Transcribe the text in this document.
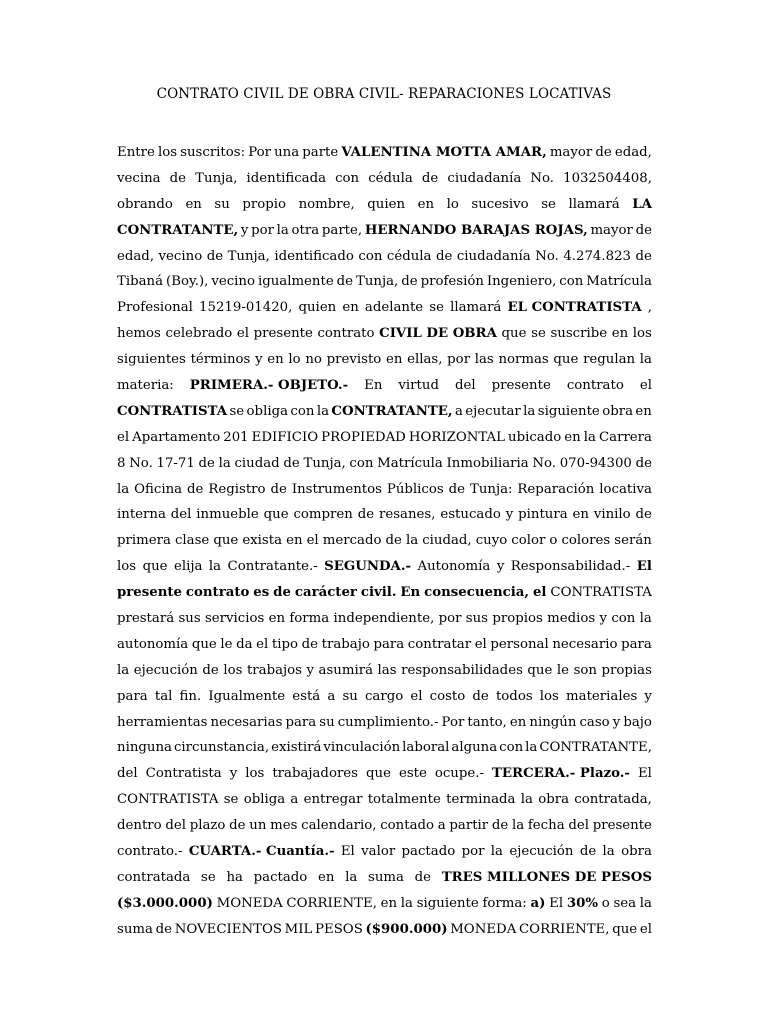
CONTRATO CIVIL DE OBRA CIVIL- REPARACIONES LOCATIVAS
Entre los suscritos: Por una parte VALENTINA MOTTA AMAR, mayor de edad,
vecina de Tunja, identificada con cédula de ciudadanía No. 1032504408,
obrando en su propio nombre, quien en lo sucesivo se llamará LA
CONTRATANTE, y por la otra parte, HERNANDO BARAJAS ROJAS, mayor de
edad, vecino de Tunja, identificado con cédula de ciudadanía No. 4.274.823 de
Tibaná (Boy.), vecino igualmente de Tunja, de profesión Ingeniero, con Matrícula
Profesional 15219-01420, quien en adelante se llamará EL CONTRATISTA ,
hemos celebrado el presente contrato CIVIL DE OBRA que se suscribe en los
siguientes términos y en lo no previsto en ellas, por las normas que regulan la
materia: PRIMERA.- OBJETO.- En virtud del presente contrato el
CONTRATISTA se obliga con la CONTRATANTE, a ejecutar la siguiente obra en
el Apartamento 201 EDIFICIO PROPIEDAD HORIZONTAL ubicado en la Carrera
8 No. 17-71 de la ciudad de Tunja, con Matrícula Inmobiliaria No. 070-94300 de
la Oficina de Registro de Instrumentos Públicos de Tunja: Reparación locativa
interna del inmueble que compren de resanes, estucado y pintura en vinilo de
primera clase que exista en el mercado de la ciudad, cuyo color o colores serán
los que elija la Contratante.- SEGUNDA.- Autonomía y Responsabilidad.- El
presente contrato es de carácter civil. En consecuencia, el CONTRATISTA
prestará sus servicios en forma independiente, por sus propios medios y con la
autonomía que le da el tipo de trabajo para contratar el personal necesario para
la ejecución de los trabajos y asumirá las responsabilidades que le son propias
para tal fin. Igualmente está a su cargo el costo de todos los materiales y
herramientas necesarias para su cumplimiento.- Por tanto, en ningún caso y bajo
ninguna circunstancia, existirá vinculación laboral alguna con la CONTRATANTE,
del Contratista y los trabajadores que este ocupe.- TERCERA.- Plazo.- El
CONTRATISTA se obliga a entregar totalmente terminada la obra contratada,
dentro del plazo de un mes calendario, contado a partir de la fecha del presente
contrato.- CUARTA.- Cuantía.- El valor pactado por la ejecución de la obra
contratada se ha pactado en la suma de TRES MILLONES DE PESOS
($3.000.000) MONEDA CORRIENTE, en la siguiente forma: a) El 30% o sea la
suma de NOVECIENTOS MIL PESOS ($900.000) MONEDA CORRIENTE, que el
